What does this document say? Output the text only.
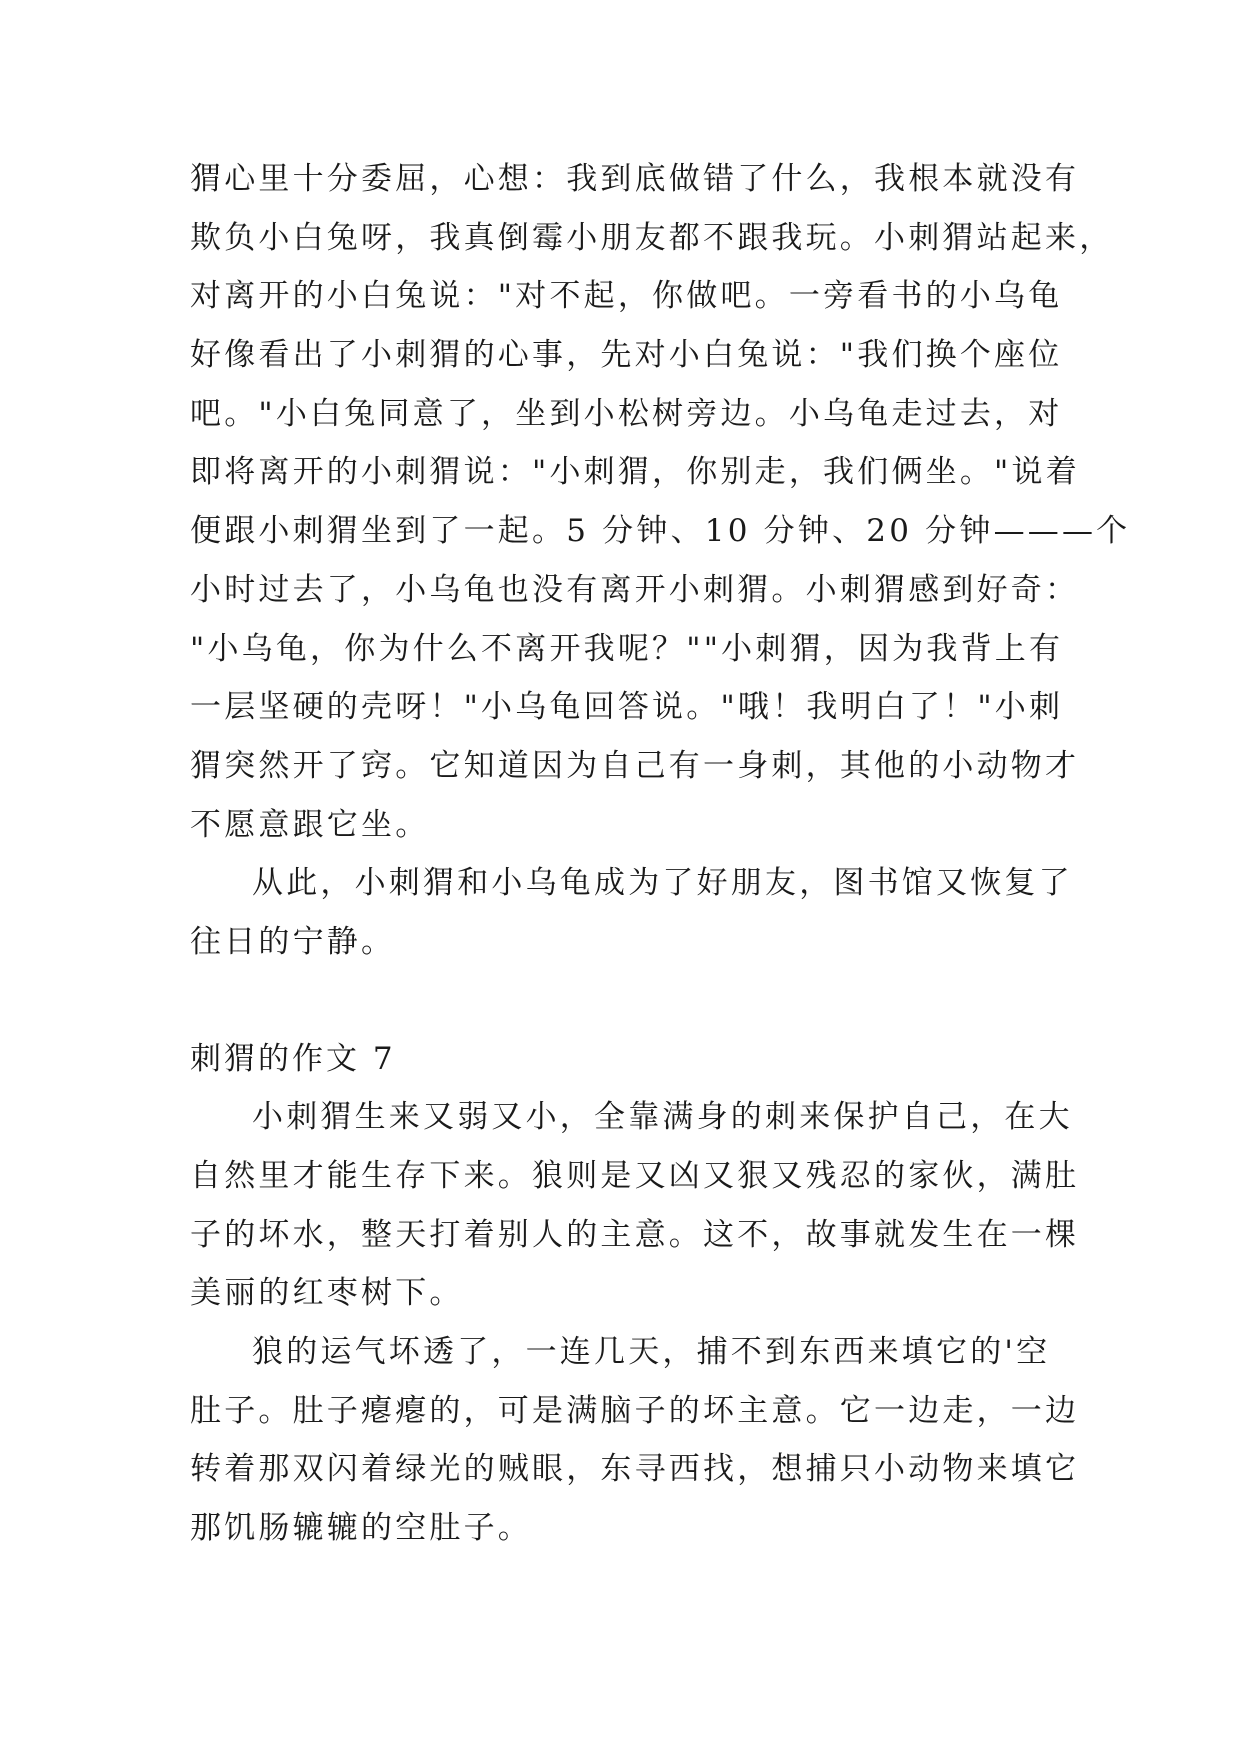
猬心里十分委屈，心想：我到底做错了什么，我根本就没有
欺负小白兔呀，我真倒霉小朋友都不跟我玩。小刺猬站起来，
对离开的小白兔说："对不起，你做吧。一旁看书的小乌龟
好像看出了小刺猬的心事，先对小白兔说："我们换个座位
吧。"小白兔同意了，坐到小松树旁边。小乌龟走过去，对
即将离开的小刺猬说："小刺猬，你别走，我们俩坐。"说着
便跟小刺猬坐到了一起。5 分钟、10 分钟、20 分钟———个
小时过去了，小乌龟也没有离开小刺猬。小刺猬感到好奇：
"小乌龟，你为什么不离开我呢？""小刺猬，因为我背上有
一层坚硬的壳呀！"小乌龟回答说。"哦！我明白了！"小刺
猬突然开了窍。它知道因为自己有一身刺，其他的小动物才
不愿意跟它坐。
从此，小刺猬和小乌龟成为了好朋友，图书馆又恢复了
往日的宁静。
刺猬的作文 7
小刺猬生来又弱又小，全靠满身的刺来保护自己，在大
自然里才能生存下来。狼则是又凶又狠又残忍的家伙，满肚
子的坏水，整天打着别人的主意。这不，故事就发生在一棵
美丽的红枣树下。
狼的运气坏透了，一连几天，捕不到东西来填它的'空
肚子。肚子瘪瘪的，可是满脑子的坏主意。它一边走，一边
转着那双闪着绿光的贼眼，东寻西找，想捕只小动物来填它
那饥肠辘辘的空肚子。
